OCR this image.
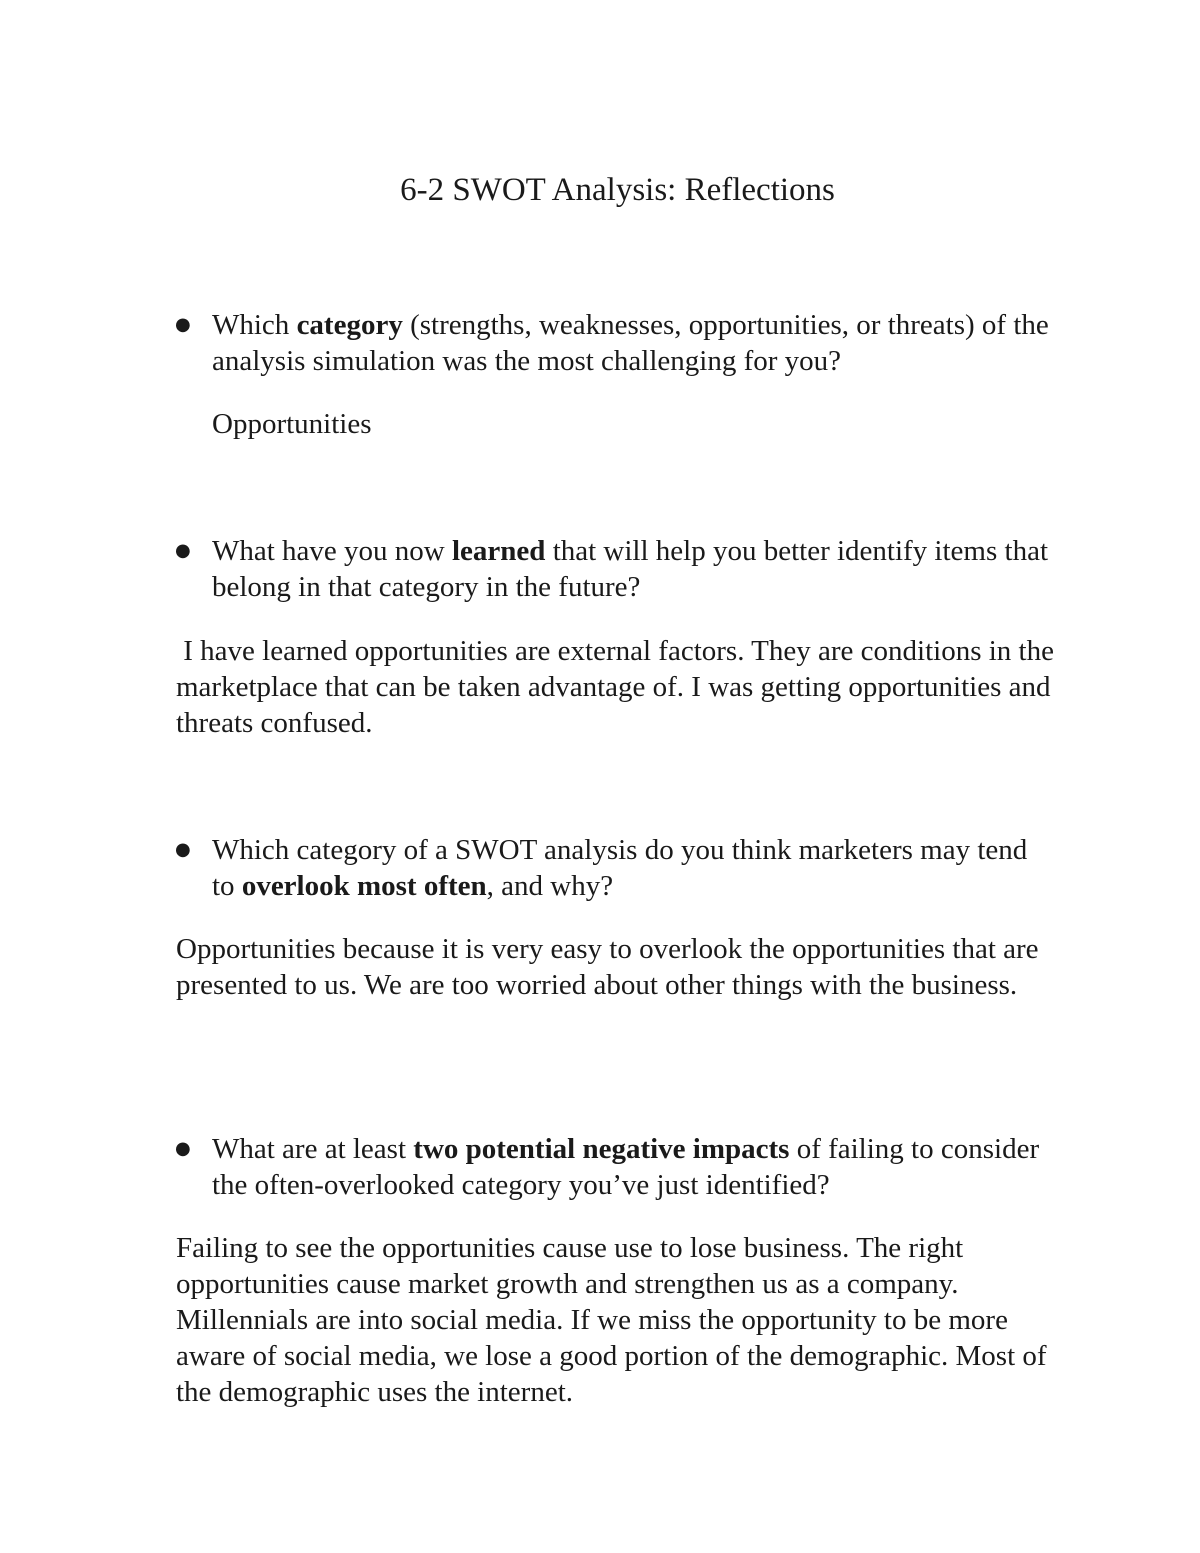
6-2 SWOT Analysis: Reflections

● Which category (strengths, weaknesses, opportunities, or threats) of the analysis simulation was the most challenging for you?

Opportunities

● What have you now learned that will help you better identify items that belong in that category in the future?

I have learned opportunities are external factors. They are conditions in the marketplace that can be taken advantage of. I was getting opportunities and threats confused.

● Which category of a SWOT analysis do you think marketers may tend to overlook most often, and why?

Opportunities because it is very easy to overlook the opportunities that are presented to us. We are too worried about other things with the business.

● What are at least two potential negative impacts of failing to consider the often-overlooked category you’ve just identified?

Failing to see the opportunities cause use to lose business. The right opportunities cause market growth and strengthen us as a company. Millennials are into social media. If we miss the opportunity to be more aware of social media, we lose a good portion of the demographic. Most of the demographic uses the internet.
